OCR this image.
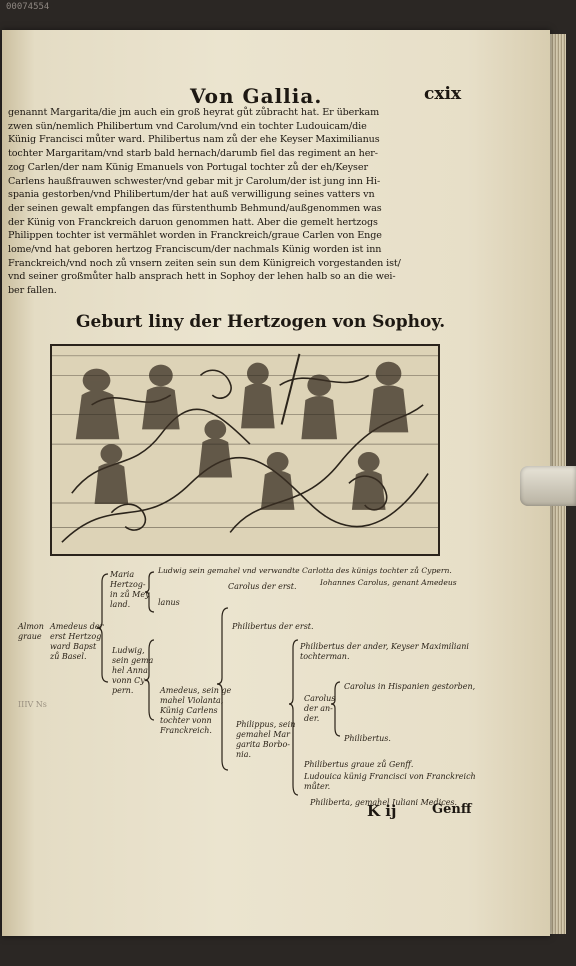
00074554
Von Gallia.	cxix
genannt Margarita/die jm auch ein groß heyrat gůt zůbracht hat. Er überkam
zwen sün/nemlich Philibertum vnd Carolum/vnd ein tochter Ludouicam/die
Künig Francisci můter ward. Philibertus nam zů der ehe Keyser Maximilianus
tochter Margaritam/vnd starb bald hernach/darumb fiel das regiment an her-
zog Carlen/der nam Künig Emanuels von Portugal tochter zů der eh/Keyser
Carlens haußfrauwen schwester/vnd gebar mit jr Carolum/der ist jung inn Hi-
spania gestorben/vnd Philibertum/der hat auß verwilligung seines vatters vn
der seinen gewalt empfangen das fürstenthumb Behmund/außgenommen was
der Künig von Franckreich daruon genommen hatt. Aber die gemelt hertzogs
Philippen tochter ist vermählet worden in Franckreich/graue Carlen von Enge
lome/vnd hat geboren hertzog Franciscum/der nachmals Künig worden ist inn
Franckreich/vnd noch zů vnsern zeiten sein sun dem Künigreich vorgestanden ist/
vnd seiner großmůter halb ansprach hett in Sophoy der lehen halb so an die wei-
ber fallen.
Geburt liny der Hertzogen von Sophoy.
Almon
graue
Amedeus der
erst Hertzog
ward Bapst
zů Basel.
Maria
Hertzog-
in zů Mey
land.
Ludwig sein gemahel vnd verwandte Carlotta des künigs tochter zů Cypern.
lanus
Carolus der erst.	Iohannes Carolus, genant Amedeus
Ludwig,
sein gema
hel Anna
vonn Cy-
pern.
Philibertus der erst.
Amedeus, sein ge
mahel Violanta,
Künig Carlens
tochter vonn
Franckreich.
Philibertus der ander, Keyser Maximiliani
tochterman.
Carolus
der an-
der.
Carolus in Hispanien gestorben,
Philibertus.
Philippus, sein
gemahel Mar
garita Borbo-
nia.
Philibertus graue zů Genff.
Ludouica künig Francisci von Franckreich
můter.
Philiberta, gemahel Iuliani Medices.
K ij	Genff
IIIV Ns
